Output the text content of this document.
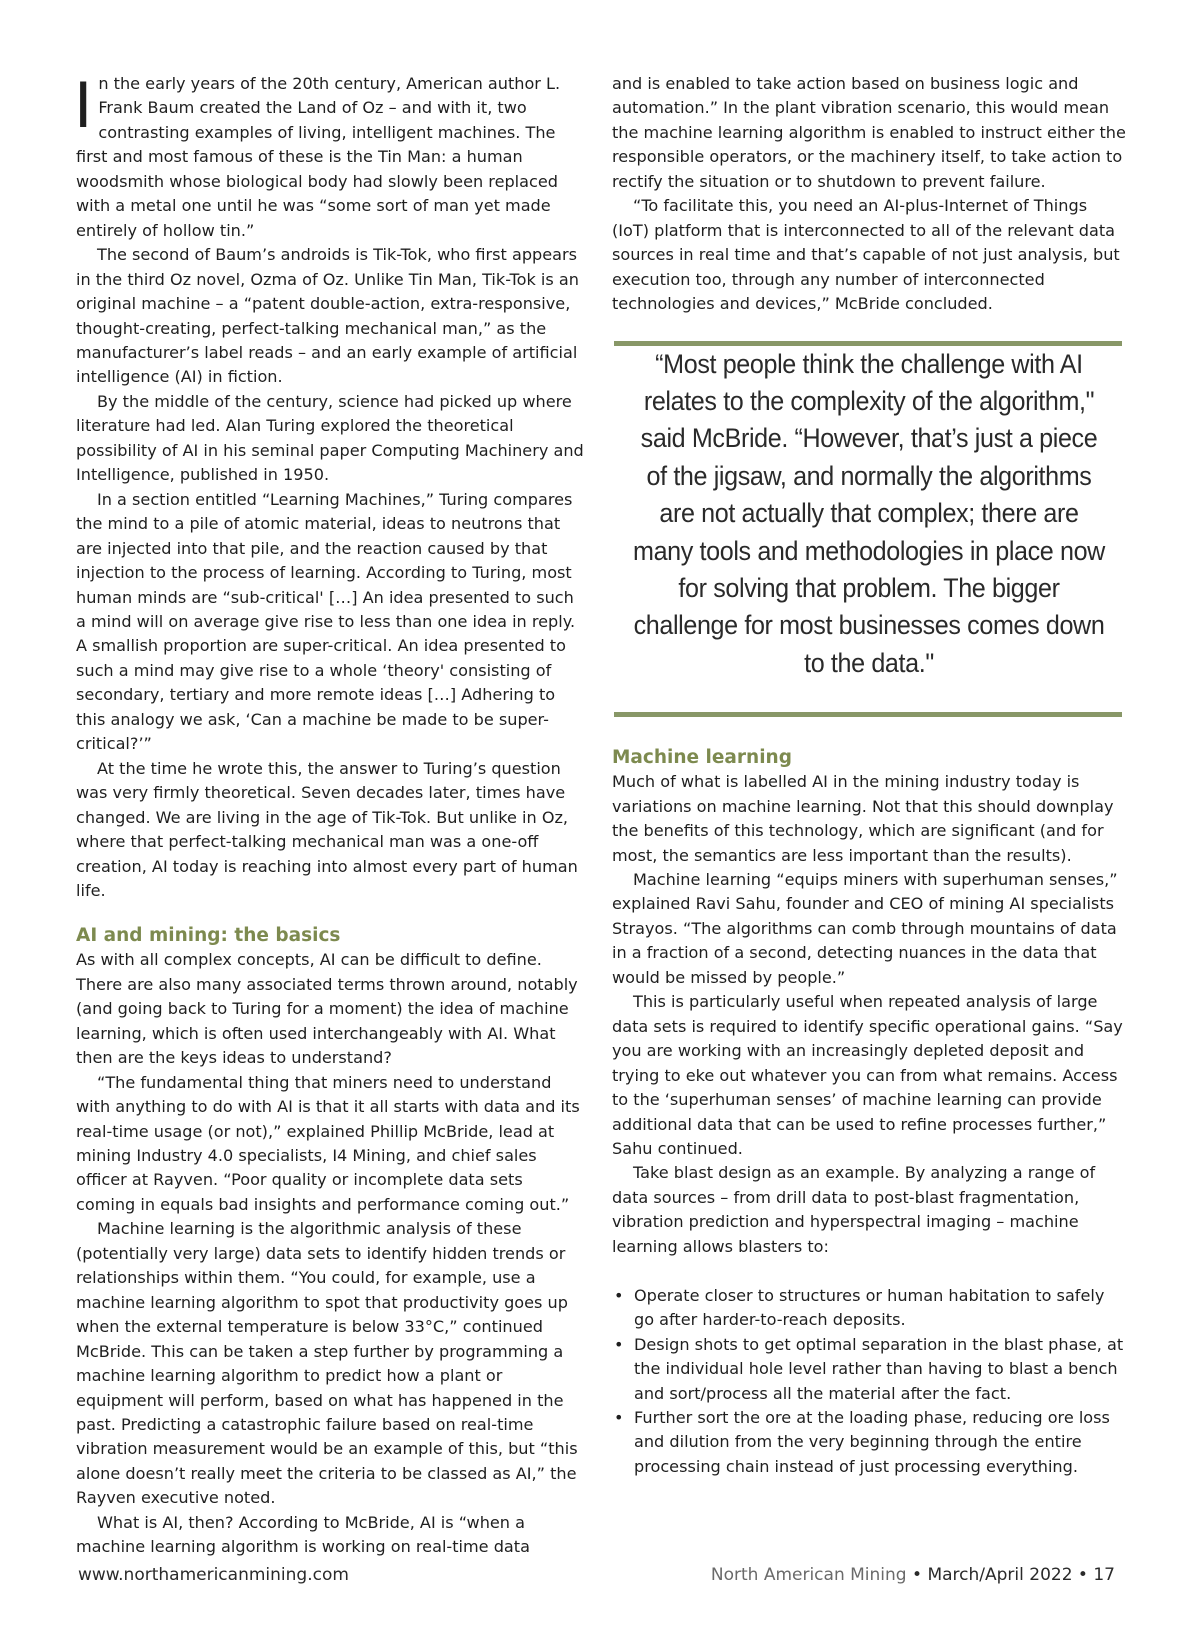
In the early years of the 20th century, American author L. Frank Baum created the Land of Oz – and with it, two contrasting examples of living, intelligent machines. The first and most famous of these is the Tin Man: a human woodsmith whose biological body had slowly been replaced with a metal one until he was “some sort of man yet made entirely of hollow tin.”

The second of Baum’s androids is Tik-Tok, who first appears in the third Oz novel, Ozma of Oz. Unlike Tin Man, Tik-Tok is an original machine – a “patent double-action, extra-responsive, thought-creating, perfect-talking mechanical man,” as the manufacturer’s label reads – and an early example of artificial intelligence (AI) in fiction.

By the middle of the century, science had picked up where literature had led. Alan Turing explored the theoretical possibility of AI in his seminal paper Computing Machinery and Intelligence, published in 1950.

In a section entitled “Learning Machines,” Turing compares the mind to a pile of atomic material, ideas to neutrons that are injected into that pile, and the reaction caused by that injection to the process of learning. According to Turing, most human minds are “sub-critical' […] An idea presented to such a mind will on average give rise to less than one idea in reply. A smallish proportion are super-critical. An idea presented to such a mind may give rise to a whole ‘theory' consisting of secondary, tertiary and more remote ideas […] Adhering to this analogy we ask, ‘Can a machine be made to be super-critical?’”

At the time he wrote this, the answer to Turing’s question was very firmly theoretical. Seven decades later, times have changed. We are living in the age of Tik-Tok. But unlike in Oz, where that perfect-talking mechanical man was a one-off creation, AI today is reaching into almost every part of human life.

AI and mining: the basics

As with all complex concepts, AI can be difficult to define. There are also many associated terms thrown around, notably (and going back to Turing for a moment) the idea of machine learning, which is often used interchangeably with AI. What then are the keys ideas to understand?

“The fundamental thing that miners need to understand with anything to do with AI is that it all starts with data and its real-time usage (or not),” explained Phillip McBride, lead at mining Industry 4.0 specialists, I4 Mining, and chief sales officer at Rayven. “Poor quality or incomplete data sets coming in equals bad insights and performance coming out.”

Machine learning is the algorithmic analysis of these (potentially very large) data sets to identify hidden trends or relationships within them. “You could, for example, use a machine learning algorithm to spot that productivity goes up when the external temperature is below 33°C,” continued McBride. This can be taken a step further by programming a machine learning algorithm to predict how a plant or equipment will perform, based on what has happened in the past. Predicting a catastrophic failure based on real-time vibration measurement would be an example of this, but “this alone doesn’t really meet the criteria to be classed as AI,” the Rayven executive noted.

What is AI, then? According to McBride, AI is “when a machine learning algorithm is working on real-time data

and is enabled to take action based on business logic and automation.” In the plant vibration scenario, this would mean the machine learning algorithm is enabled to instruct either the responsible operators, or the machinery itself, to take action to rectify the situation or to shutdown to prevent failure.

“To facilitate this, you need an AI-plus-Internet of Things (IoT) platform that is interconnected to all of the relevant data sources in real time and that’s capable of not just analysis, but execution too, through any number of interconnected technologies and devices,” McBride concluded.

“Most people think the challenge with AI relates to the complexity of the algorithm," said McBride. “However, that’s just a piece of the jigsaw, and normally the algorithms are not actually that complex; there are many tools and methodologies in place now for solving that problem. The bigger challenge for most businesses comes down to the data."

Machine learning

Much of what is labelled AI in the mining industry today is variations on machine learning. Not that this should downplay the benefits of this technology, which are significant (and for most, the semantics are less important than the results).

Machine learning “equips miners with superhuman senses,” explained Ravi Sahu, founder and CEO of mining AI specialists Strayos. “The algorithms can comb through mountains of data in a fraction of a second, detecting nuances in the data that would be missed by people.”

This is particularly useful when repeated analysis of large data sets is required to identify specific operational gains. “Say you are working with an increasingly depleted deposit and trying to eke out whatever you can from what remains. Access to the ‘superhuman senses’ of machine learning can provide additional data that can be used to refine processes further,” Sahu continued.

Take blast design as an example. By analyzing a range of data sources – from drill data to post-blast fragmentation, vibration prediction and hyperspectral imaging – machine learning allows blasters to:

• Operate closer to structures or human habitation to safely go after harder-to-reach deposits.
• Design shots to get optimal separation in the blast phase, at the individual hole level rather than having to blast a bench and sort/process all the material after the fact.
• Further sort the ore at the loading phase, reducing ore loss and dilution from the very beginning through the entire processing chain instead of just processing everything.
www.northamericanmining.com	North American Mining • March/April 2022 • 17
